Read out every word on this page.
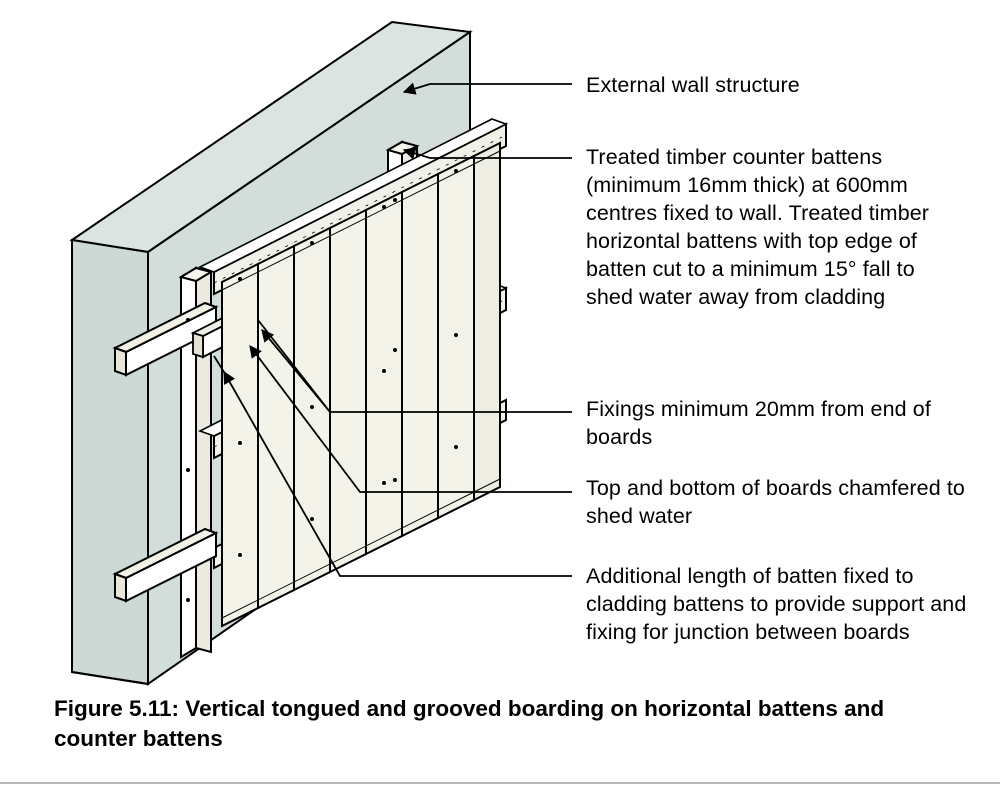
External wall structure
Treated timber counter battens (minimum 16mm thick) at 600mm centres fixed to wall. Treated timber horizontal battens with top edge of batten cut to a minimum 15° fall to shed water away from cladding
Fixings minimum 20mm from end of boards
Top and bottom of boards chamfered to shed water
Additional length of batten fixed to cladding battens to provide support and fixing for junction between boards
Figure 5.11: Vertical tongued and grooved boarding on horizontal battens and counter battens
